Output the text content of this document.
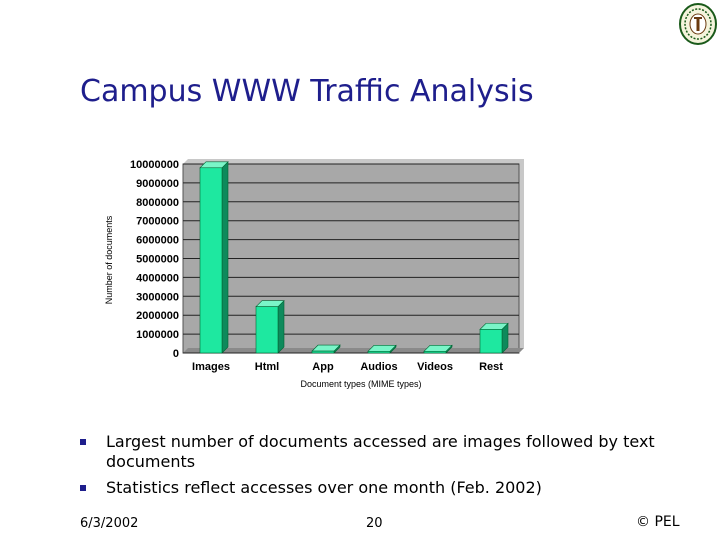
Campus WWW Traffic Analysis
0
1000000
2000000
3000000
4000000
5000000
6000000
7000000
8000000
9000000
10000000
Images Html	App Audios Videos Rest
Number of documents
Document types (MIME types)
Largest number of documents accessed are images followed by text documents
Statistics reflect accesses over one month (Feb. 2002)
6/3/2002	20	© PEL
